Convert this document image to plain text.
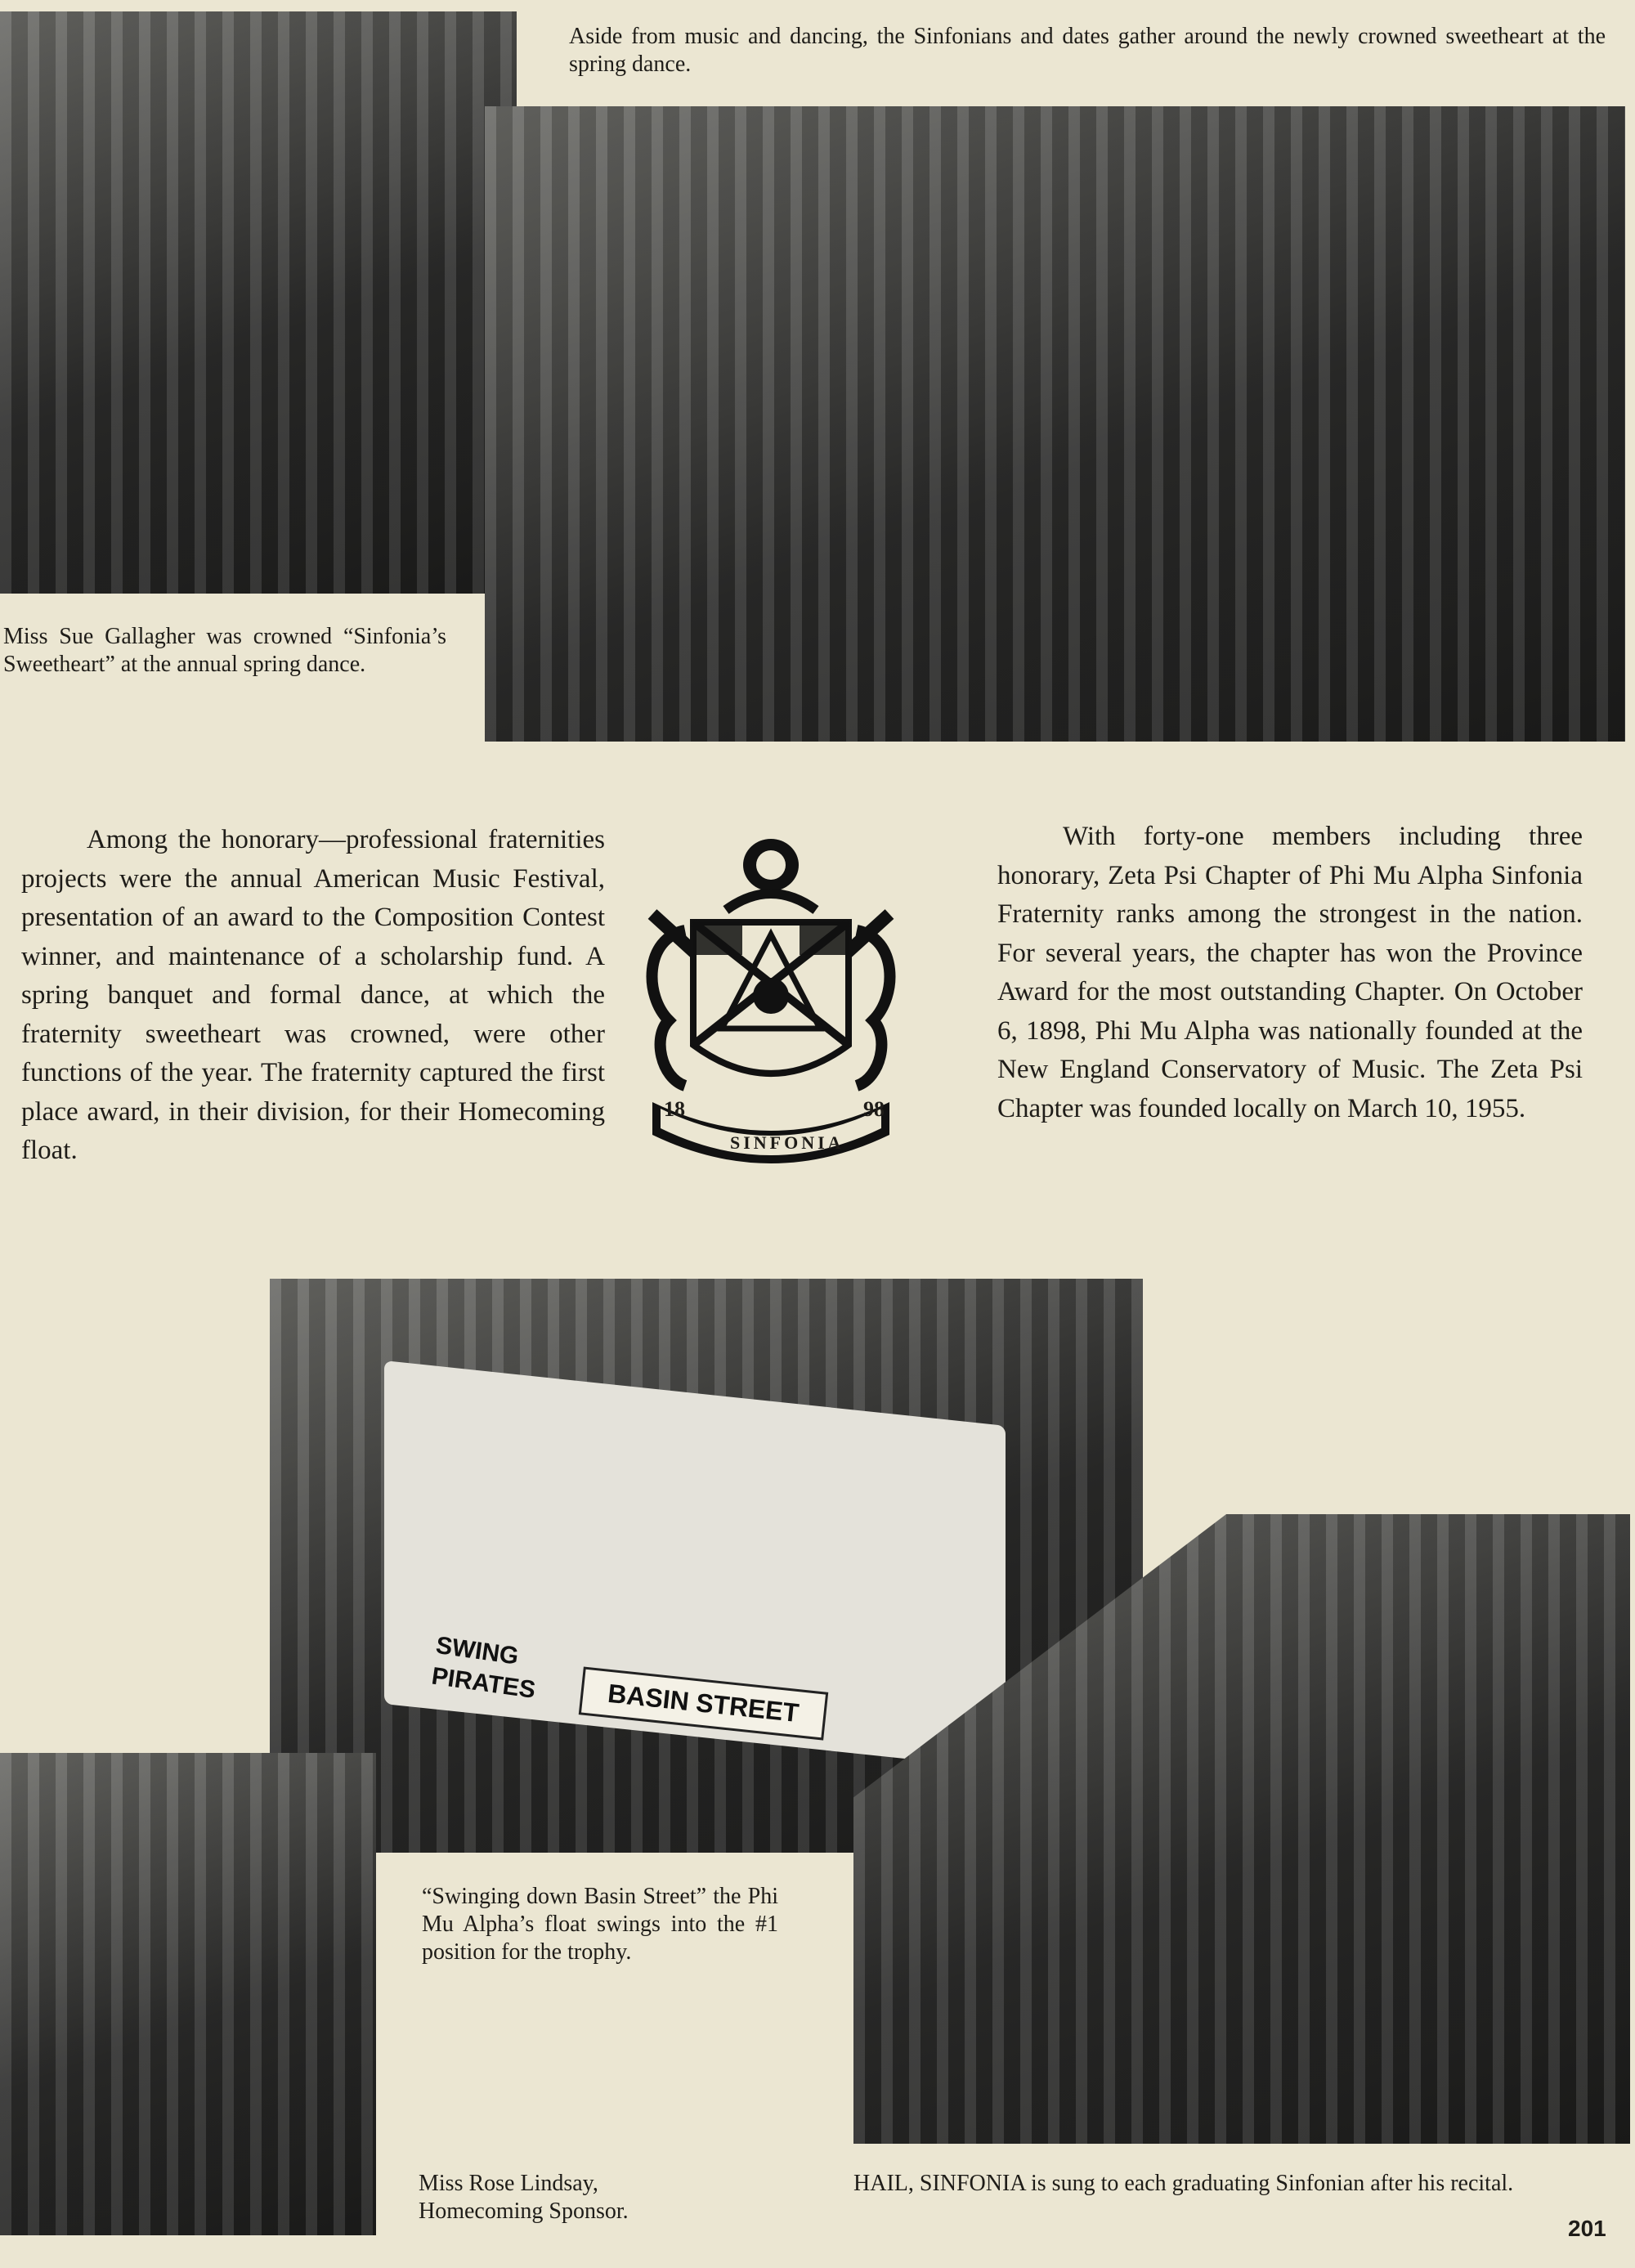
Aside from music and dancing, the Sinfonians and dates gather around the newly crowned sweetheart at the spring dance.

Miss Sue Gallagher was crowned “Sinfonia’s Sweetheart” at the annual spring dance.

Among the honorary—professional fraternities projects were the annual American Music Festival, presentation of an award to the Composition Contest winner, and maintenance of a scholarship fund. A spring banquet and formal dance, at which the fraternity sweetheart was crowned, were other functions of the year. The fraternity captured the first place award, in their division, for their Homecoming float.

With forty-one members including three honorary, Zeta Psi Chapter of Phi Mu Alpha Sinfonia Fraternity ranks among the strongest in the nation. For several years, the chapter has won the Province Award for the most outstanding Chapter. On October 6, 1898, Phi Mu Alpha was nationally founded at the New England Conservatory of Music. The Zeta Psi Chapter was founded locally on March 10, 1955.

SINFONIA
18	98
SWING PIRATES	BASIN STREET

“Swinging down Basin Street” the Phi Mu Alpha’s float swings into the #1 position for the trophy.

Miss Rose Lindsay, Homecoming Sponsor.

HAIL, SINFONIA is sung to each graduating Sinfonian after his recital.

201
